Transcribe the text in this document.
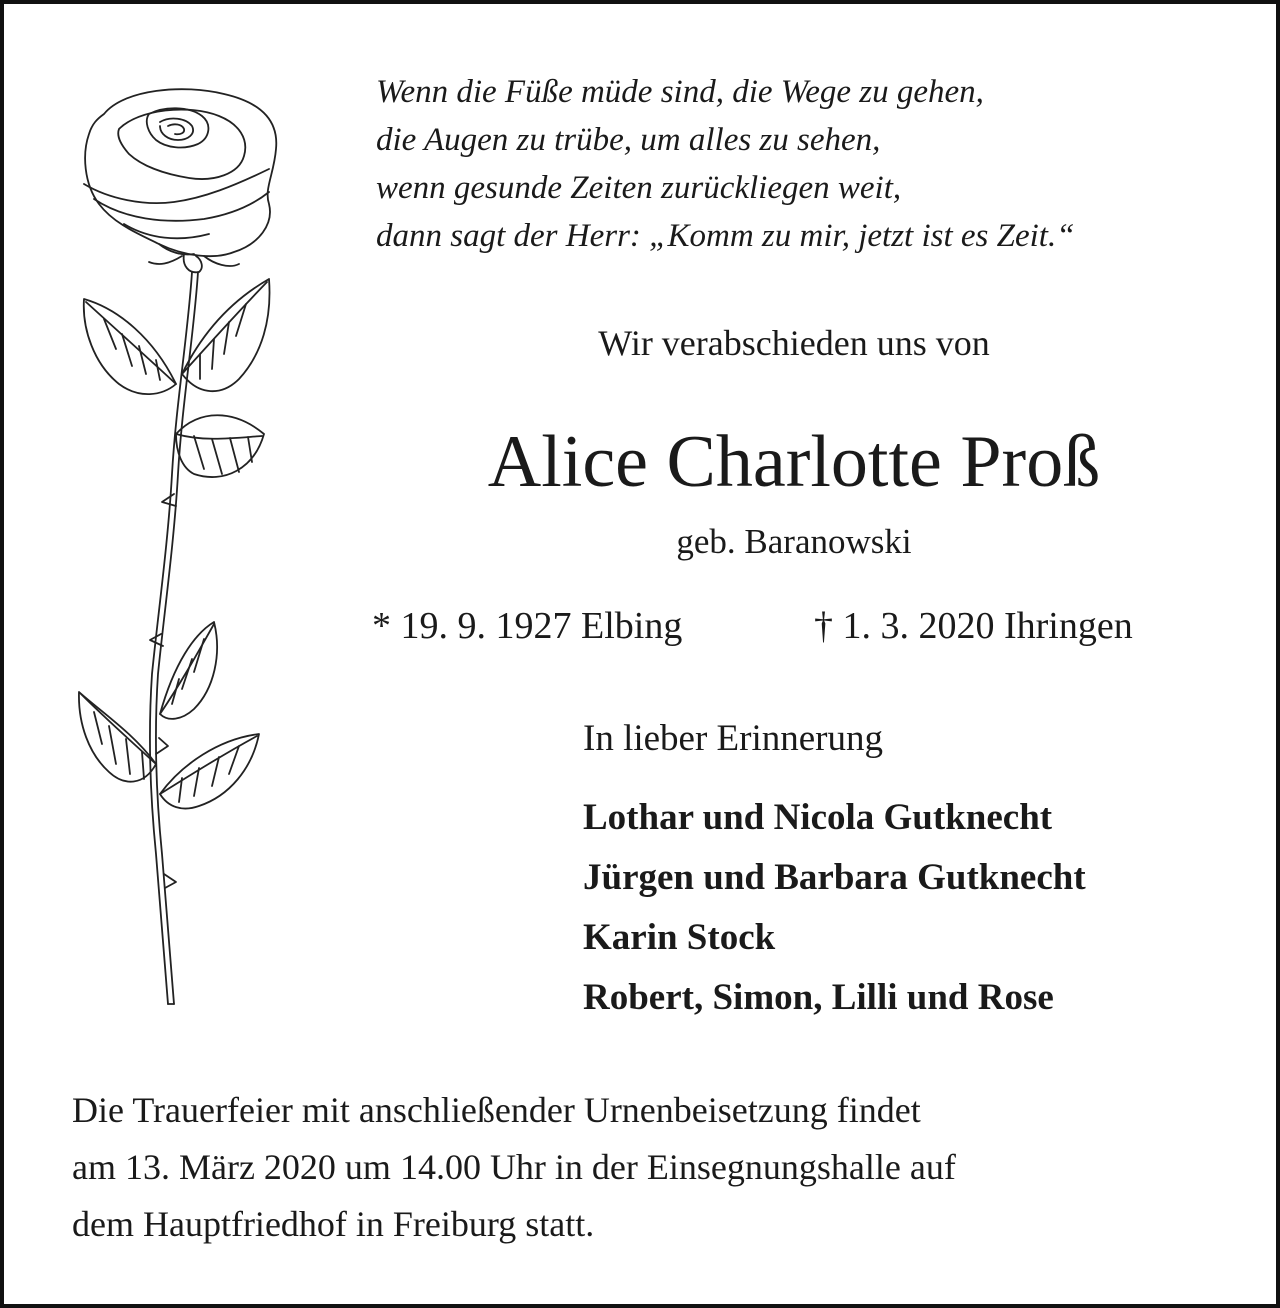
Wenn die Füße müde sind, die Wege zu gehen,
die Augen zu trübe, um alles zu sehen,
wenn gesunde Zeiten zurückliegen weit,
dann sagt der Herr: „Komm zu mir, jetzt ist es Zeit.“
Wir verabschieden uns von
Alice Charlotte Proß
geb. Baranowski
* 19. 9. 1927 Elbing	† 1. 3. 2020 Ihringen
In lieber Erinnerung
Lothar und Nicola Gutknecht
Jürgen und Barbara Gutknecht
Karin Stock
Robert, Simon, Lilli und Rose
Die Trauerfeier mit anschließender Urnenbeisetzung findet
am 13. März 2020 um 14.00 Uhr in der Einsegnungshalle auf
dem Hauptfriedhof in Freiburg statt.
